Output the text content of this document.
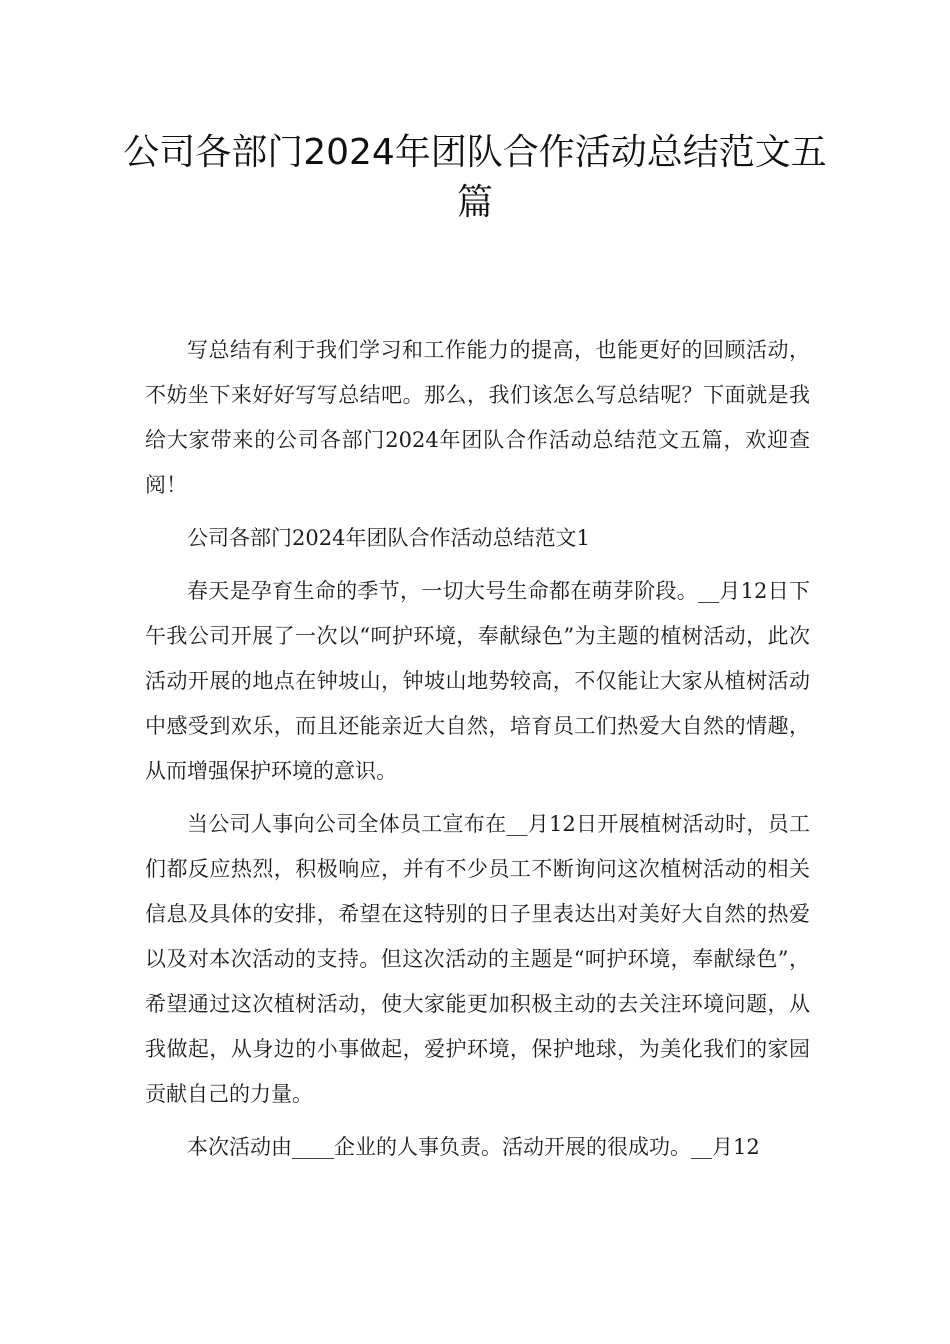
公司各部门2024年团队合作活动总结范文五篇

写总结有利于我们学习和工作能力的提高，也能更好的回顾活动，不妨坐下来好好写写总结吧。那么，我们该怎么写总结呢？下面就是我给大家带来的公司各部门2024年团队合作活动总结范文五篇，欢迎查阅！

公司各部门2024年团队合作活动总结范文1

春天是孕育生命的季节，一切大号生命都在萌芽阶段。__月12日下午我公司开展了一次以“呵护环境，奉献绿色”为主题的植树活动，此次活动开展的地点在钟坡山，钟坡山地势较高，不仅能让大家从植树活动中感受到欢乐，而且还能亲近大自然，培育员工们热爱大自然的情趣，从而增强保护环境的意识。

当公司人事向公司全体员工宣布在__月12日开展植树活动时，员工们都反应热烈，积极响应，并有不少员工不断询问这次植树活动的相关信息及具体的安排，希望在这特别的日子里表达出对美好大自然的热爱以及对本次活动的支持。但这次活动的主题是“呵护环境，奉献绿色”，希望通过这次植树活动，使大家能更加积极主动的去关注环境问题，从我做起，从身边的小事做起，爱护环境，保护地球，为美化我们的家园贡献自己的力量。

本次活动由____企业的人事负责。活动开展的很成功。__月12
